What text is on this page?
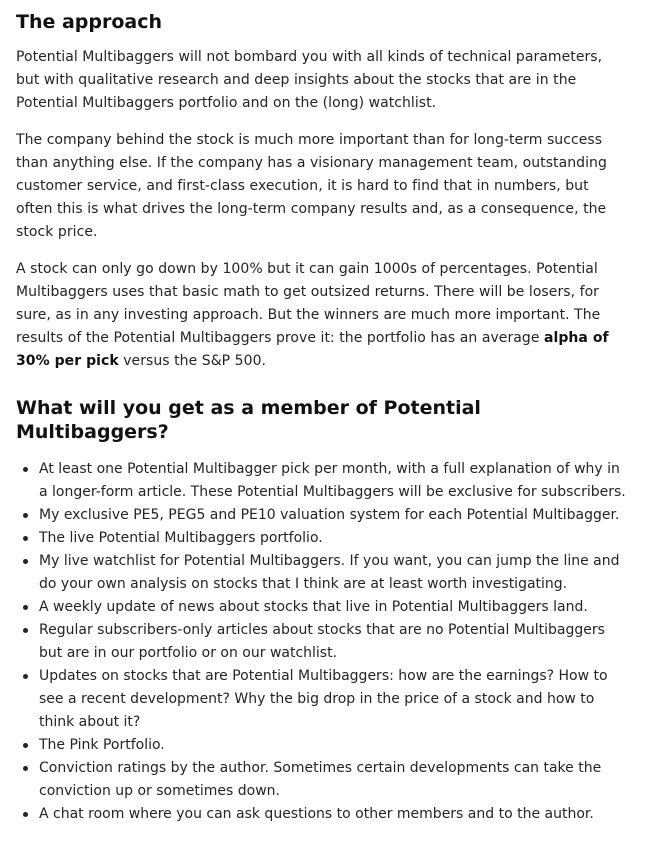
The approach

Potential Multibaggers will not bombard you with all kinds of technical parameters, but with qualitative research and deep insights about the stocks that are in the Potential Multibaggers portfolio and on the (long) watchlist.

The company behind the stock is much more important than for long-term success than anything else. If the company has a visionary management team, outstanding customer service, and first-class execution, it is hard to find that in numbers, but often this is what drives the long-term company results and, as a consequence, the stock price.

A stock can only go down by 100% but it can gain 1000s of percentages. Potential Multibaggers uses that basic math to get outsized returns. There will be losers, for sure, as in any investing approach. But the winners are much more important. The results of the Potential Multibaggers prove it: the portfolio has an average alpha of 30% per pick versus the S&P 500.

What will you get as a member of Potential Multibaggers?
At least one Potential Multibagger pick per month, with a full explanation of why in a longer-form article. These Potential Multibaggers will be exclusive for subscribers.
My exclusive PE5, PEG5 and PE10 valuation system for each Potential Multibagger.
The live Potential Multibaggers portfolio.
My live watchlist for Potential Multibaggers. If you want, you can jump the line and do your own analysis on stocks that I think are at least worth investigating.
A weekly update of news about stocks that live in Potential Multibaggers land.
Regular subscribers-only articles about stocks that are no Potential Multibaggers but are in our portfolio or on our watchlist.
Updates on stocks that are Potential Multibaggers: how are the earnings? How to see a recent development? Why the big drop in the price of a stock and how to think about it?
The Pink Portfolio.
Conviction ratings by the author. Sometimes certain developments can take the conviction up or sometimes down.
A chat room where you can ask questions to other members and to the author.
